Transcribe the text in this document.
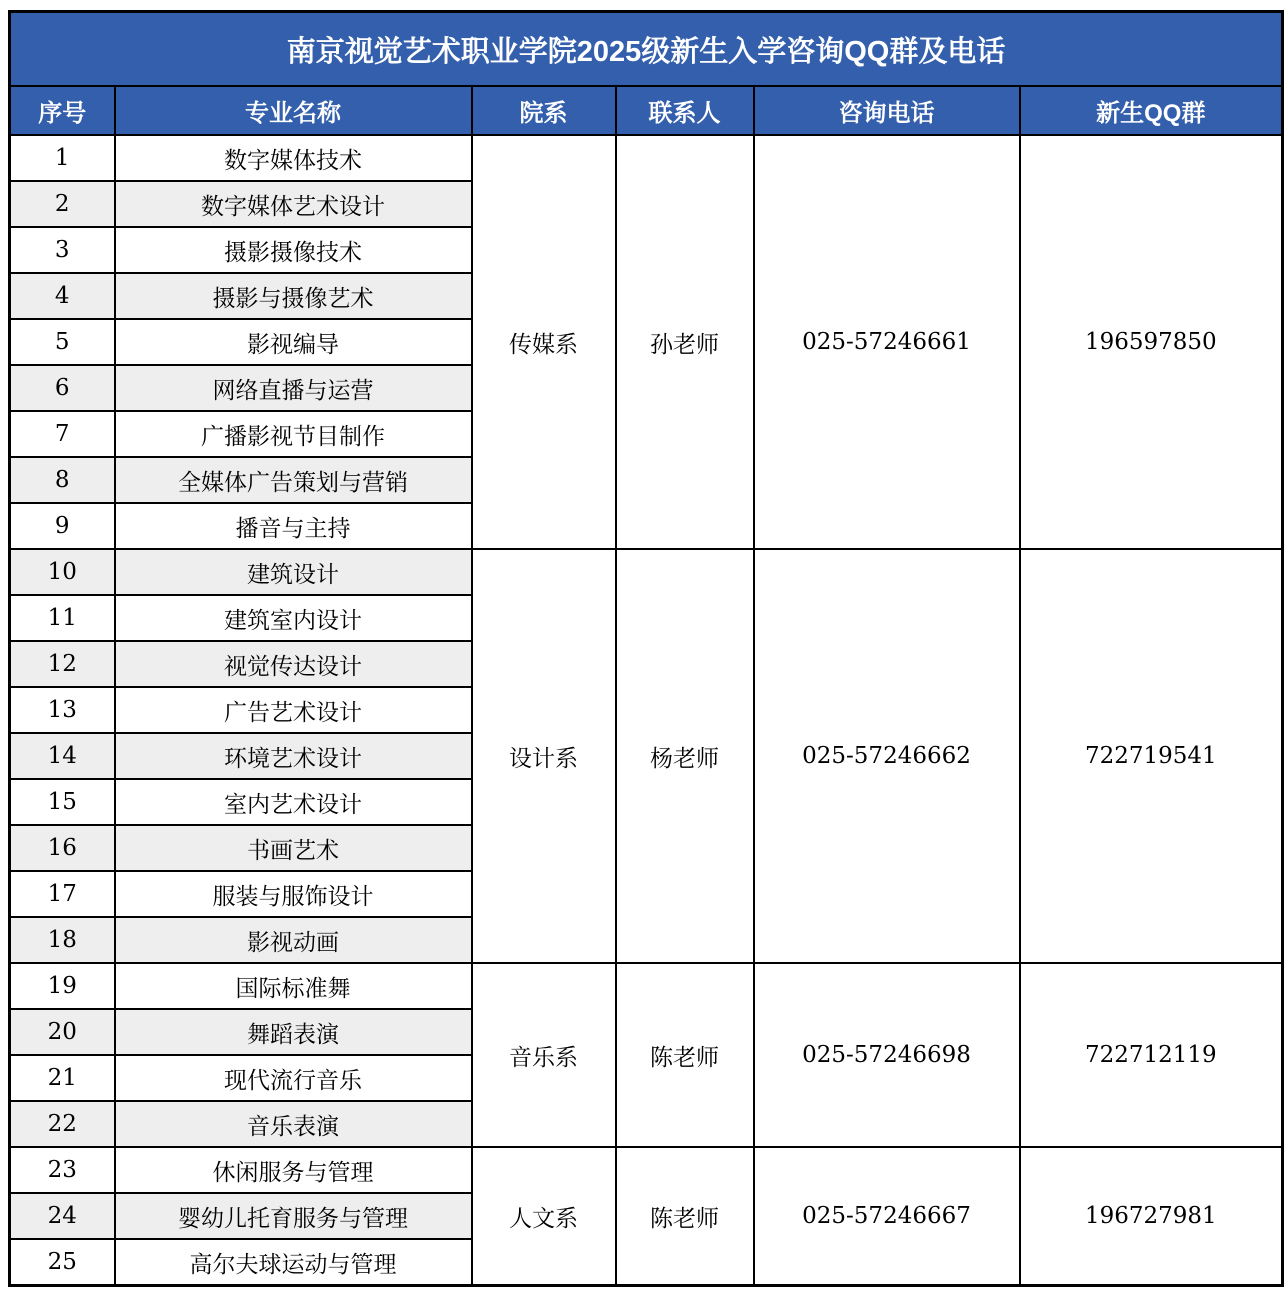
南京视觉艺术职业学院2025级新生入学咨询QQ群及电话					
序号	专业名称	院系	联系人	咨询电话	新生QQ群
1	数字媒体技术	传媒系	孙老师	025-57246661	196597850
2	数字媒体艺术设计				
3	摄影摄像技术				
4	摄影与摄像艺术				
5	影视编导				
6	网络直播与运营				
7	广播影视节目制作				
8	全媒体广告策划与营销				
9	播音与主持				
10	建筑设计	设计系	杨老师	025-57246662	722719541
11	建筑室内设计				
12	视觉传达设计				
13	广告艺术设计				
14	环境艺术设计				
15	室内艺术设计				
16	书画艺术				
17	服装与服饰设计				
18	影视动画				
19	国际标准舞	音乐系	陈老师	025-57246698	722712119
20	舞蹈表演				
21	现代流行音乐				
22	音乐表演				
23	休闲服务与管理	人文系	陈老师	025-57246667	196727981
24	婴幼儿托育服务与管理				
25	高尔夫球运动与管理				
